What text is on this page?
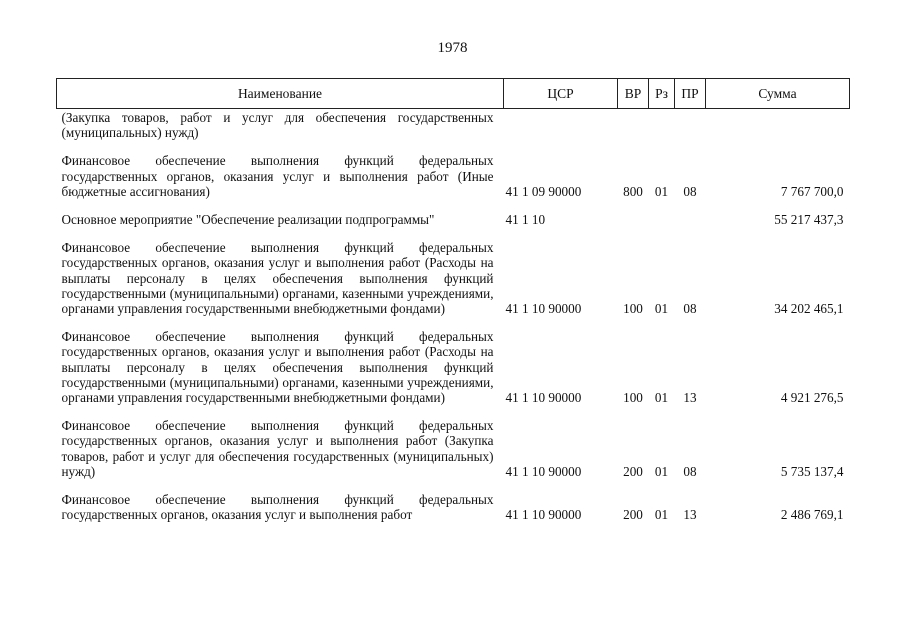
1978
Наименование	ЦСР	ВР	Рз	ПР	Сумма
(Закупка товаров, работ и услуг для обеспечения государственных (муниципальных) нужд)					

Финансовое обеспечение выполнения функций федеральных государственных органов, оказания услуг и выполнения работ (Иные бюджетные ассигнования)	41 1 09 90000	800	01	08	7 767 700,0

Основное мероприятие "Обеспечение реализации подпрограммы"	41 1 10				55 217 437,3

Финансовое обеспечение выполнения функций федеральных государственных органов, оказания услуг и выполнения работ (Расходы на выплаты персоналу в целях обеспечения выполнения функций государственными (муниципальными) органами, казенными учреждениями, органами управления государственными внебюджетными фондами)	41 1 10 90000	100	01	08	34 202 465,1

Финансовое обеспечение выполнения функций федеральных государственных органов, оказания услуг и выполнения работ (Расходы на выплаты персоналу в целях обеспечения выполнения функций государственными (муниципальными) органами, казенными учреждениями, органами управления государственными внебюджетными фондами)	41 1 10 90000	100	01	13	4 921 276,5

Финансовое обеспечение выполнения функций федеральных государственных органов, оказания услуг и выполнения работ (Закупка товаров, работ и услуг для обеспечения государственных (муниципальных) нужд)	41 1 10 90000	200	01	08	5 735 137,4

Финансовое обеспечение выполнения функций федеральных государственных органов, оказания услуг и выполнения работ	41 1 10 90000	200	01	13	2 486 769,1
